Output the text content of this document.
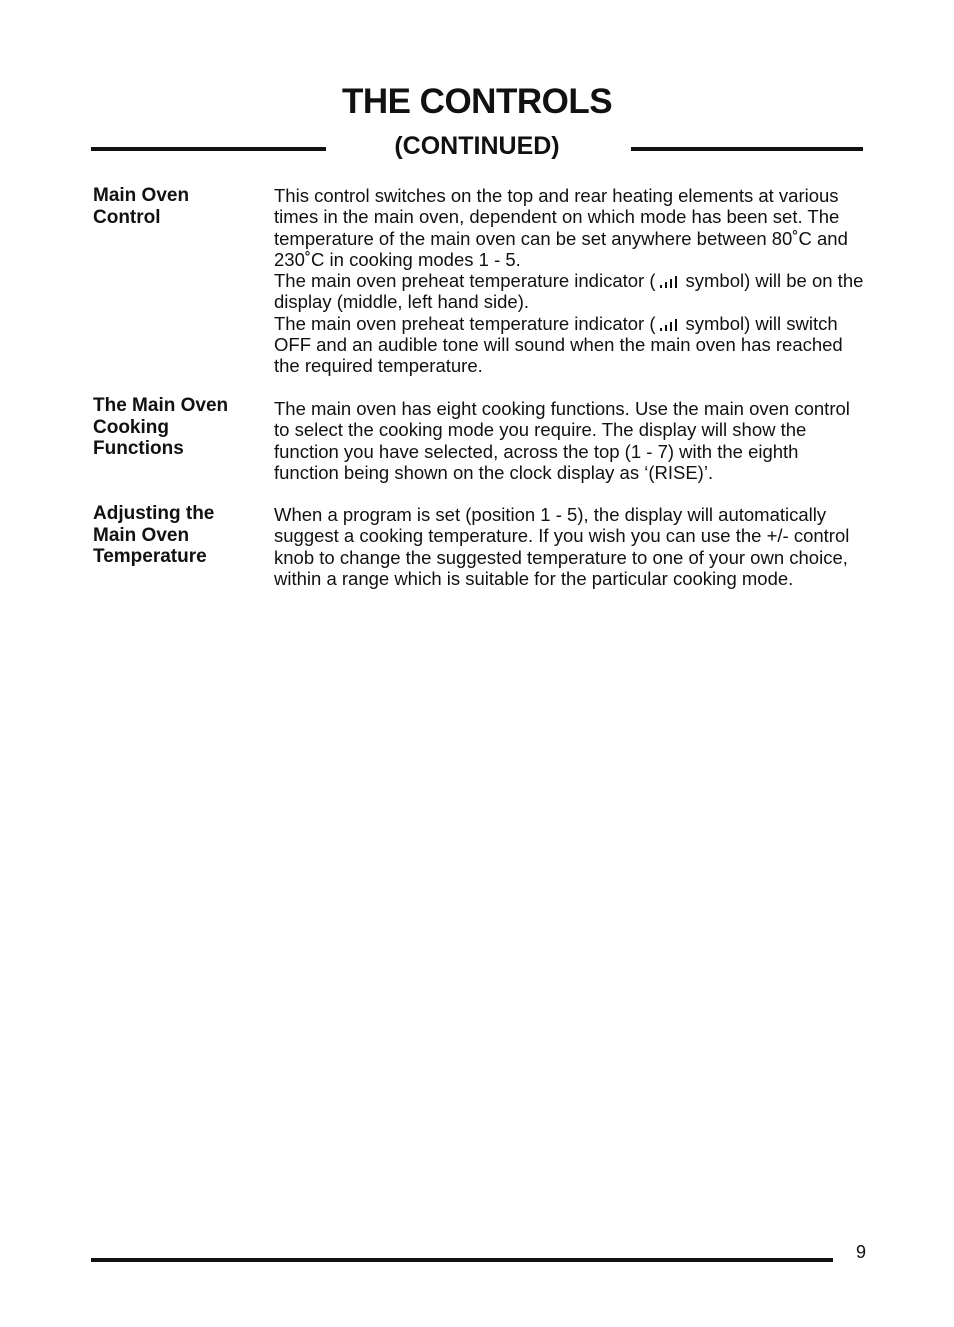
THE CONTROLS
(CONTINUED)
Main Oven
Control

This control switches on the top and rear heating elements at various times in the main oven, dependent on which mode has been set. The temperature of the main oven can be set anywhere between 80˚C and 230˚C in cooking modes 1 - 5.

The main oven preheat temperature indicator ( symbol) will be on the display (middle, left hand side).

The main oven preheat temperature indicator ( symbol) will switch OFF and an audible tone will sound when the main oven has reached the required temperature.

The Main Oven
Cooking
Functions

The main oven has eight cooking functions. Use the main oven control to select the cooking mode you require. The display will show the function you have selected, across the top (1 - 7) with the eighth function being shown on the clock display as ‘(RISE)’.

Adjusting the
Main Oven
Temperature

When a program is set (position 1 - 5), the display will automatically suggest a cooking temperature. If you wish you can use the +/- control knob to change the suggested temperature to one of your own choice, within a range which is suitable for the particular cooking mode.

9
